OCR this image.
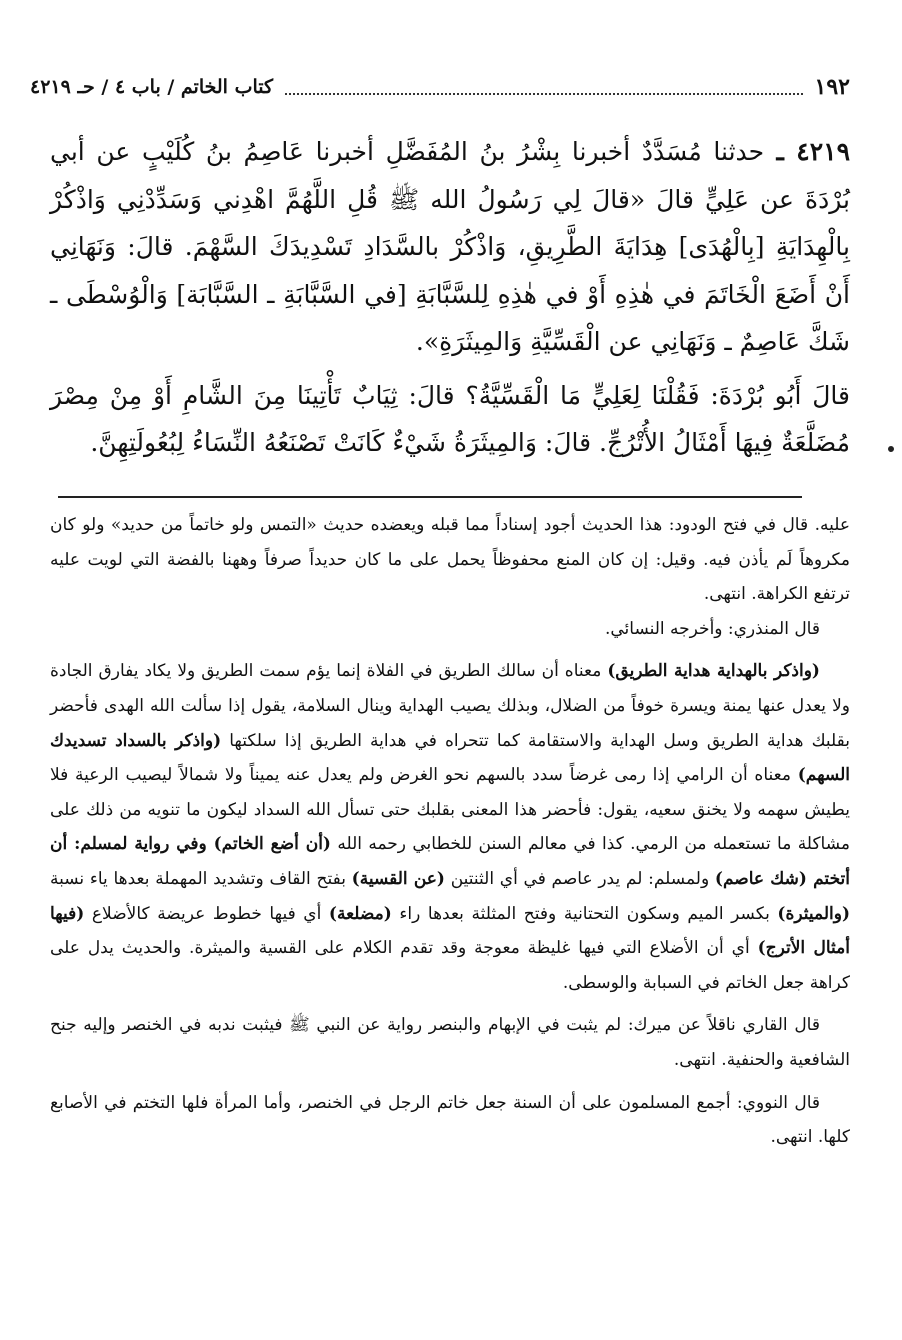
١٩٢
كتاب الخاتم / باب ٤ / حـ ٤٢١٩

٤٢١٩ ـ حدثنا مُسَدَّدٌ أخبرنا بِشْرُ بنُ المُفَضَّلِ أخبرنا عَاصِمُ بنُ كُلَيْبٍ عن أبي بُرْدَةَ عن عَلِيٍّ قالَ «قالَ لِي رَسُولُ الله ﷺ قُلِ اللَّهُمَّ اهْدِني وَسَدِّدْنِي وَاذْكُرْ بِالْهِدَايَةِ [بِالْهُدَى] هِدَايَةَ الطَّرِيقِ، وَاذْكُرْ بالسَّدَادِ تَسْدِيدَكَ السَّهْمَ. قالَ: وَنَهَانِي أَنْ أَضَعَ الْخَاتَمَ في هٰذِهِ أَوْ في هٰذِهِ لِلسَّبَّابَةِ [في السَّبَّابَةِ ـ السَّبَّابَة] وَالْوُسْطَى ـ شَكَّ عَاصِمٌ ـ وَنَهَانِي عن الْقَسِّيَّةِ وَالمِيثَرَةِ».

قالَ أَبُو بُرْدَةَ: فَقُلْنَا لِعَلِيٍّ مَا الْقَسِّيَّةُ؟ قالَ: ثِيَابٌ تَأْتِينَا مِنَ الشَّامِ أَوْ مِنْ مِصْرَ مُضَلَّعَةٌ فِيهَا أَمْثَالُ الأُتْرُجِّ. قالَ: وَالمِيثَرَةُ شَيْءٌ كَانَتْ تَصْنَعُهُ النِّسَاءُ لِبُعُولَتِهِنَّ.

عليه. قال في فتح الودود: هذا الحديث أجود إسناداً مما قبله ويعضده حديث «التمس ولو خاتماً من حديد» ولو كان مكروهاً لَم يأذن فيه. وقيل: إن كان المنع محفوظاً يحمل على ما كان حديداً صرفاً وههنا بالفضة التي لويت عليه ترتفع الكراهة. انتهى.

قال المنذري: وأخرجه النسائي.

(واذكر بالهداية هداية الطريق) معناه أن سالك الطريق في الفلاة إنما يؤم سمت الطريق ولا يكاد يفارق الجادة ولا يعدل عنها يمنة ويسرة خوفاً من الضلال، وبذلك يصيب الهداية وينال السلامة، يقول إذا سألت الله الهدى فأحضر بقلبك هداية الطريق وسل الهداية والاستقامة كما تتحراه في هداية الطريق إذا سلكتها (واذكر بالسداد تسديدك السهم) معناه أن الرامي إذا رمى غرضاً سدد بالسهم نحو الغرض ولم يعدل عنه يميناً ولا شمالاً ليصيب الرعية فلا يطيش سهمه ولا يخنق سعيه، يقول: فأحضر هذا المعنى بقلبك حتى تسأل الله السداد ليكون ما تنويه من ذلك على مشاكلة ما تستعمله من الرمي. كذا في معالم السنن للخطابي رحمه الله (أن أضع الخاتم) وفي رواية لمسلم: أن أتختم (شك عاصم) ولمسلم: لم يدر عاصم في أي الثنتين (عن القسية) بفتح القاف وتشديد المهملة بعدها ياء نسبة (والميثرة) بكسر الميم وسكون التحتانية وفتح المثلثة بعدها راء (مضلعة) أي فيها خطوط عريضة كالأضلاع (فيها أمثال الأترج) أي أن الأضلاع التي فيها غليظة معوجة وقد تقدم الكلام على القسية والميثرة. والحديث يدل على كراهة جعل الخاتم في السبابة والوسطى.

قال القاري ناقلاً عن ميرك: لم يثبت في الإبهام والبنصر رواية عن النبي ﷺ فيثبت ندبه في الخنصر وإليه جنح الشافعية والحنفية. انتهى.

قال النووي: أجمع المسلمون على أن السنة جعل خاتم الرجل في الخنصر، وأما المرأة فلها التختم في الأصابع كلها. انتهى.
